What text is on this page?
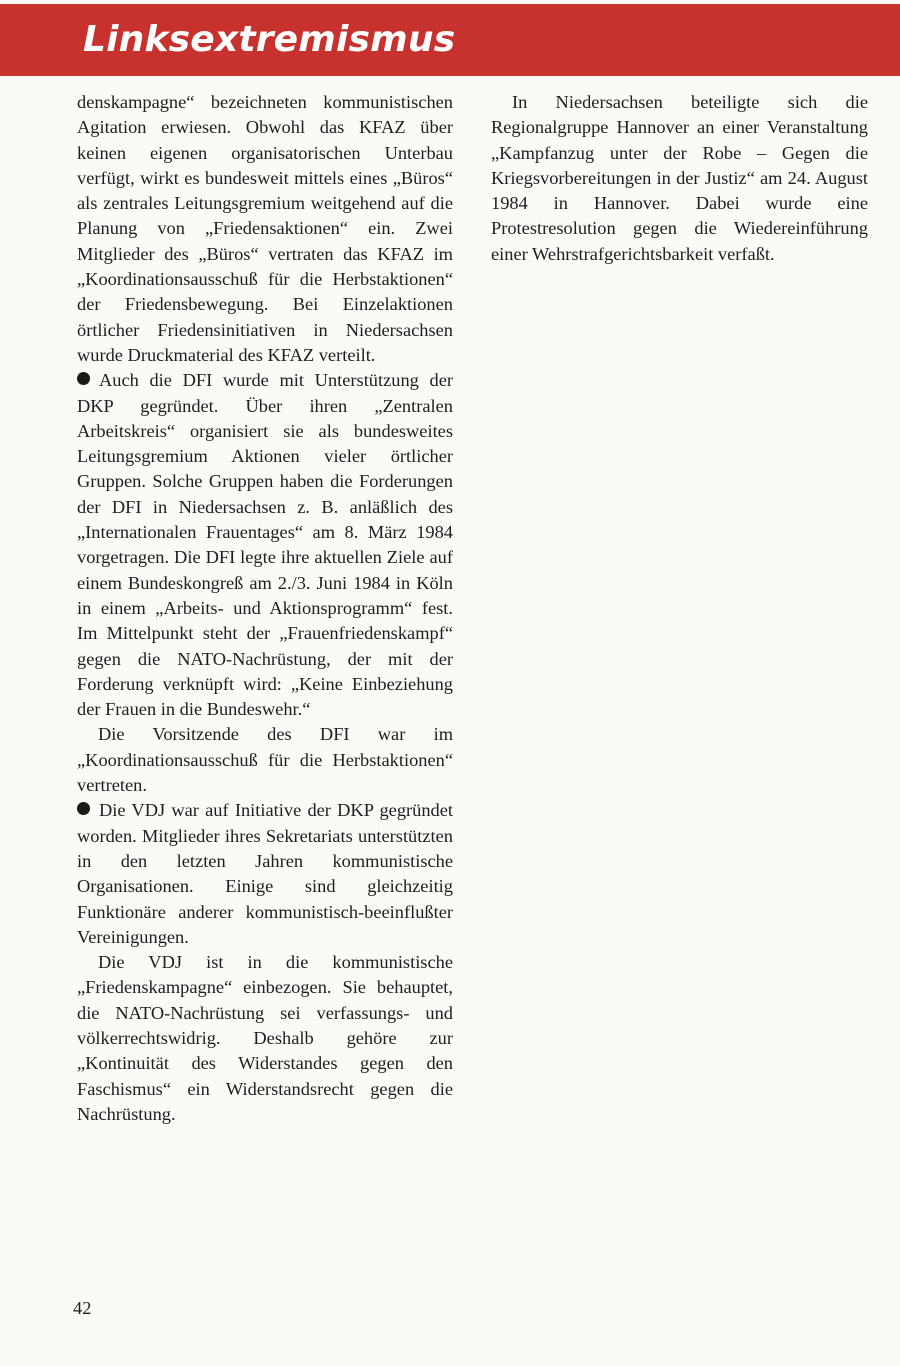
Linksextremismus

denskampagne“ bezeichneten kommunistischen Agitation erwiesen. Obwohl das KFAZ über keinen eigenen organisatorischen Unterbau verfügt, wirkt es bundesweit mittels eines „Büros“ als zentrales Leitungsgremium weitgehend auf die Planung von „Friedensaktionen“ ein. Zwei Mitglieder des „Büros“ vertraten das KFAZ im „Koordinationsausschuß für die Herbstaktionen“ der Friedensbewegung. Bei Einzelaktionen örtlicher Friedensinitiativen in Niedersachsen wurde Druckmaterial des KFAZ verteilt.

Auch die DFI wurde mit Unterstützung der DKP gegründet. Über ihren „Zentralen Arbeitskreis“ organisiert sie als bundesweites Leitungsgremium Aktionen vieler örtlicher Gruppen. Solche Gruppen haben die Forderungen der DFI in Niedersachsen z. B. anläßlich des „Internationalen Frauentages“ am 8. März 1984 vorgetragen. Die DFI legte ihre aktuellen Ziele auf einem Bundeskongreß am 2./3. Juni 1984 in Köln in einem „Arbeits- und Aktionsprogramm“ fest. Im Mittelpunkt steht der „Frauenfriedenskampf“ gegen die NATO-Nachrüstung, der mit der Forderung verknüpft wird: „Keine Einbeziehung der Frauen in die Bundeswehr.“

Die Vorsitzende des DFI war im „Koordinationsausschuß für die Herbstaktionen“ vertreten.

Die VDJ war auf Initiative der DKP gegründet worden. Mitglieder ihres Sekretariats unterstützten in den letzten Jahren kommunistische Organisationen. Einige sind gleichzeitig Funktionäre anderer kommunistisch-beeinflußter Vereinigungen.

Die VDJ ist in die kommunistische „Friedenskampagne“ einbezogen. Sie behauptet, die NATO-Nachrüstung sei verfassungs- und völkerrechtswidrig. Deshalb gehöre zur „Kontinuität des Widerstandes gegen den Faschismus“ ein Widerstandsrecht gegen die Nachrüstung.

In Niedersachsen beteiligte sich die Regionalgruppe Hannover an einer Veranstaltung „Kampfanzug unter der Robe – Gegen die Kriegsvorbereitungen in der Justiz“ am 24. August 1984 in Hannover. Dabei wurde eine Protestresolution gegen die Wiedereinführung einer Wehrstrafgerichtsbarkeit verfaßt.

42
